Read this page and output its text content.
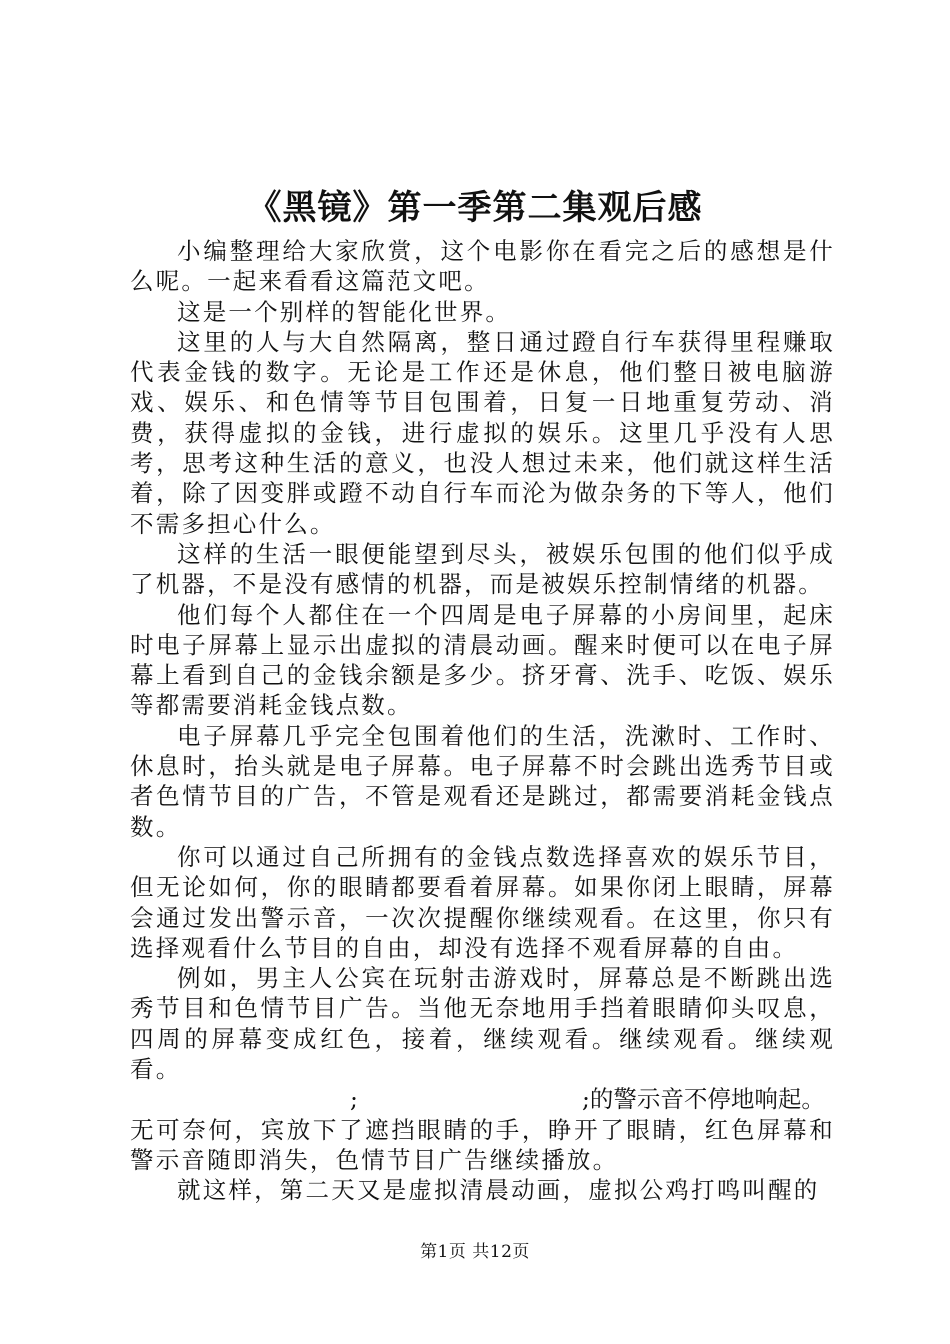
《黑镜》第一季第二集观后感

小编整理给大家欣赏，这个电影你在看完之后的感想是什么呢。一起来看看这篇范文吧。

这是一个别样的智能化世界。

这里的人与大自然隔离，整日通过蹬自行车获得里程赚取代表金钱的数字。无论是工作还是休息，他们整日被电脑游戏、娱乐、和色情等节目包围着，日复一日地重复劳动、消费，获得虚拟的金钱，进行虚拟的娱乐。这里几乎没有人思考，思考这种生活的意义，也没人想过未来，他们就这样生活着，除了因变胖或蹬不动自行车而沦为做杂务的下等人，他们不需多担心什么。

这样的生活一眼便能望到尽头，被娱乐包围的他们似乎成了机器，不是没有感情的机器，而是被娱乐控制情绪的机器。

他们每个人都住在一个四周是电子屏幕的小房间里，起床时电子屏幕上显示出虚拟的清晨动画。醒来时便可以在电子屏幕上看到自己的金钱余额是多少。挤牙膏、洗手、吃饭、娱乐等都需要消耗金钱点数。

电子屏幕几乎完全包围着他们的生活，洗漱时、工作时、休息时，抬头就是电子屏幕。电子屏幕不时会跳出选秀节目或者色情节目的广告，不管是观看还是跳过，都需要消耗金钱点数。

你可以通过自己所拥有的金钱点数选择喜欢的娱乐节目，但无论如何，你的眼睛都要看着屏幕。如果你闭上眼睛，屏幕会通过发出警示音，一次次提醒你继续观看。在这里，你只有选择观看什么节目的自由，却没有选择不观看屏幕的自由。

例如，男主人公宾在玩射击游戏时，屏幕总是不断跳出选秀节目和色情节目广告。当他无奈地用手挡着眼睛仰头叹息，四周的屏幕变成红色，接着，继续观看。继续观看。继续观看。

;	;的警示音不停地响起。

无可奈何，宾放下了遮挡眼睛的手，睁开了眼睛，红色屏幕和警示音随即消失，色情节目广告继续播放。

就这样，第二天又是虚拟清晨动画，虚拟公鸡打鸣叫醒的

第1页 共12页
